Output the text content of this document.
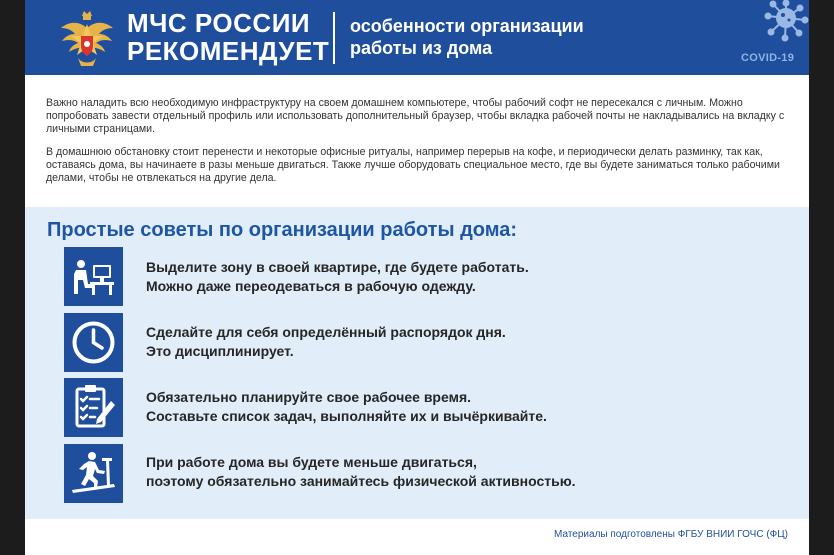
МЧС РОССИИ
РЕКОМЕНДУЕТ
особенности организации
работы из дома	COVID-19

Важно наладить всю необходимую инфраструктуру на своем домашнем компьютере, чтобы рабочий софт не пересекался с личным. Можно попробовать завести отдельный профиль или использовать дополнительный браузер, чтобы вкладка рабочей почты не накладывались на вкладку с личными страницами.

В домашнюю обстановку стоит перенести и некоторые офисные ритуалы, например перерыв на кофе, и периодически делать разминку, так как, оставаясь дома, вы начинаете в разы меньше двигаться. Также лучше оборудовать специальное место, где вы будете заниматься только рабочими делами, чтобы не отвлекаться на другие дела.

Простые советы по организации работы дома:
Выделите зону в своей квартире, где будете работать.
Можно даже переодеваться в рабочую одежду.
Сделайте для себя определённый распорядок дня.
Это дисциплинирует.
Обязательно планируйте свое рабочее время.
Составьте список задач, выполняйте их и вычёркивайте.
При работе дома вы будете меньше двигаться,
поэтому обязательно занимайтесь физической активностью.
Материалы подготовлены ФГБУ ВНИИ ГОЧС (ФЦ)
